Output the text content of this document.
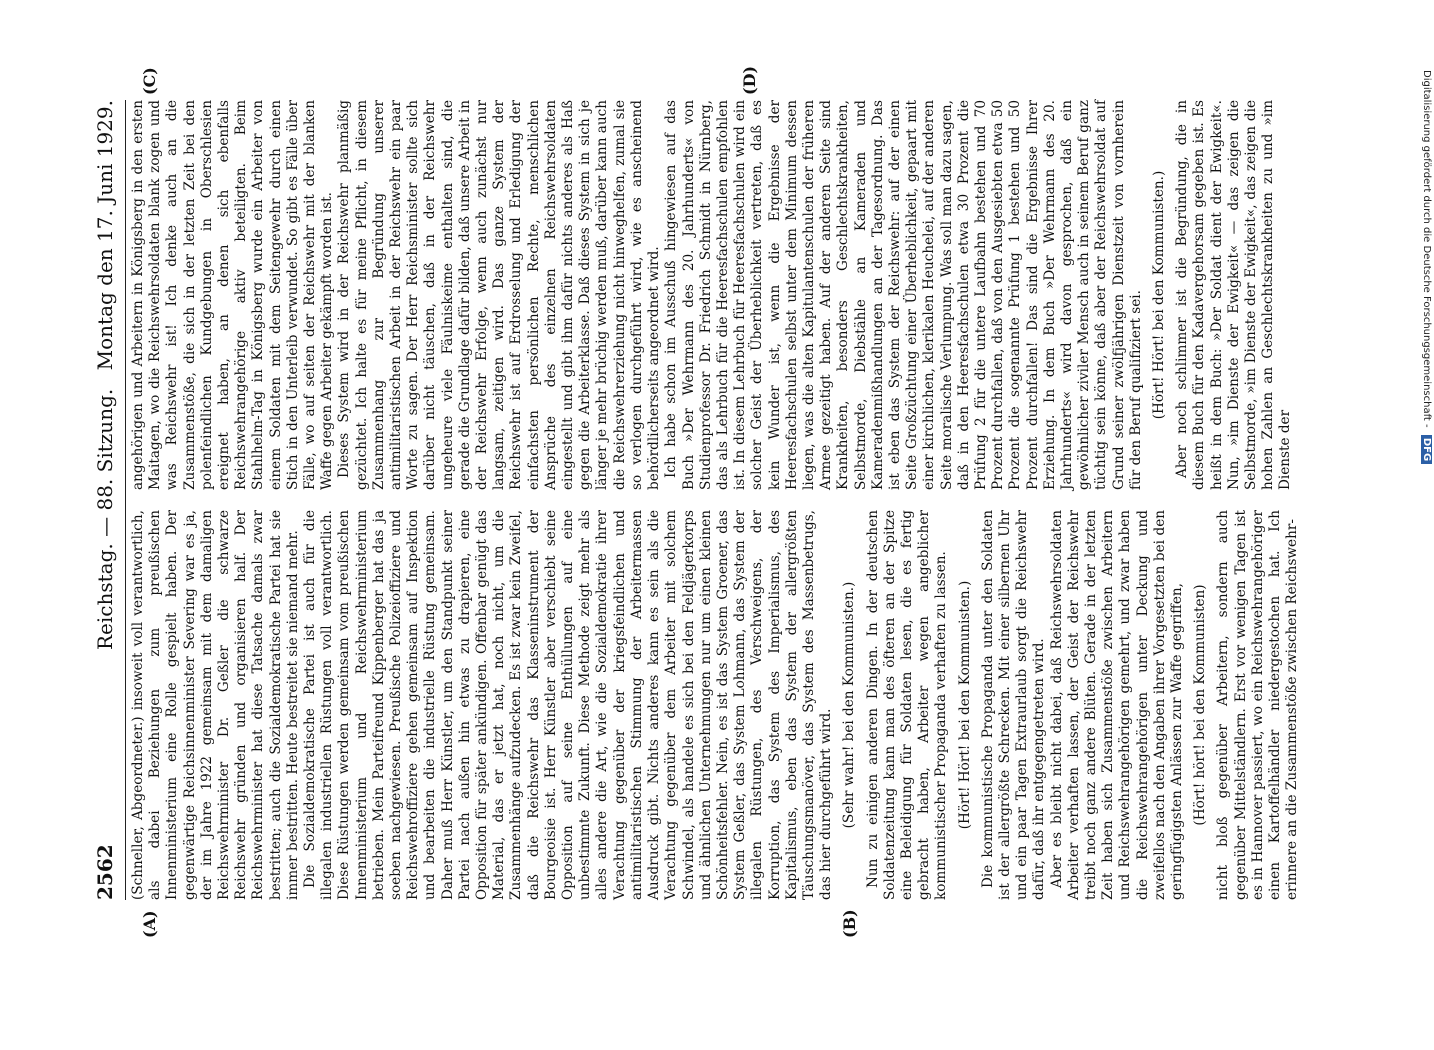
2562
Reichstag. — 88. Sitzung.
Montag den 17. Juni 1929.
(A)	(B)
(C)	(D)

(Schneller, Abgeordneter.) insoweit voll verantwortlich, als dabei Beziehungen zum preußischen Innenministerium eine Rolle gespielt haben. Der gegenwärtige Reichsinnenminister Severing war es ja, der im Jahre 1922 gemeinsam mit dem damaligen Reichswehrminister Dr. Geßler die schwarze Reichswehr gründen und organisieren half. Der Reichswehrminister hat diese Tatsache damals zwar bestritten; auch die Sozialdemokratische Partei hat sie immer bestritten. Heute bestreitet sie niemand mehr. Die Sozialdemokratische Partei ist auch für die illegalen industriellen Rüstungen voll verantwortlich. Diese Rüstungen werden gemeinsam vom preußischen Innenministerium und Reichswehrministerium betrieben. Mein Parteifreund Kippenberger hat das ja soeben nachgewiesen. Preußische Polizeioffiziere und Reichswehroffiziere gehen gemeinsam auf Inspektion und bearbeiten die industrielle Rüstung gemeinsam. Daher muß Herr Künstler, um den Standpunkt seiner Partei nach außen hin etwas zu drapieren, eine Opposition für später ankündigen. Offenbar genügt das Material, das er jetzt hat, noch nicht, um die Zusammenhänge aufzudecken. Es ist zwar kein Zweifel, daß die Reichswehr das Klasseninstrument der Bourgeoisie ist. Herr Künstler aber verschiebt seine Opposition auf seine Enthüllungen auf eine unbestimmte Zukunft. Diese Methode zeigt mehr als alles andere die Art, wie die Sozialdemokratie ihrer Verachtung gegenüber der kriegsfeindlichen und antimilitaristischen Stimmung der Arbeitermassen Ausdruck gibt. Nichts anderes kann es sein als die Verachtung gegenüber dem Arbeiter mit solchem Schwindel, als handele es sich bei den Feldjägerkorps und ähnlichen Unternehmungen nur um einen kleinen Schönheitsfehler. Nein, es ist das System Groener, das System Geßler, das System Lohmann, das System der illegalen Rüstungen, des Verschweigens, der Korruption, das System des Imperialismus, des Kapitalismus, eben das System der allergrößten Täuschungsmanöver, das System des Massenbetrugs, das hier durchgeführt wird. (Sehr wahr! bei den Kommunisten.) Nun zu einigen anderen Dingen. In der deutschen Soldatenzeitung kann man des öfteren an der Spitze eine Beleidigung für Soldaten lesen, die es fertig gebracht haben, Arbeiter wegen angeblicher kommunistischer Propaganda verhaften zu lassen. (Hört! Hört! bei den Kommunisten.) Die kommunistische Propaganda unter den Soldaten ist der allergrößte Schrecken. Mit einer silbernen Uhr und ein paar Tagen Extraurlaub sorgt die Reichswehr dafür, daß ihr entgegengetreten wird. Aber es bleibt nicht dabei, daß Reichswehrsoldaten Arbeiter verhaften lassen, der Geist der Reichswehr treibt noch ganz andere Blüten. Gerade in der letzten Zeit haben sich Zusammenstöße zwischen Arbeitern und Reichswehrangehörigen gemehrt, und zwar haben die Reichswehrangehörigen unter Deckung und zweifellos nach den Angaben ihrer Vorgesetzten bei den geringfügigsten Anlässen zur Waffe gegriffen, (Hört! hört! bei den Kommunisten) nicht bloß gegenüber Arbeitern, sondern auch gegenüber Mittelständlern. Erst vor wenigen Tagen ist es in Hannover passiert, wo ein Reichswehrangehöriger einen Kartoffelhändler niedergestochen hat. Ich erinnere an die Zusammenstöße zwischen Reichswehr-

angehörigen und Arbeitern in Königsberg in den ersten Maitagen, wo die Reichswehrsoldaten blank zogen und was Reichswehr ist! Ich denke auch an die Zusammenstöße, die sich in der letzten Zeit bei den polenfeindlichen Kundgebungen in Oberschlesien ereignet haben, an denen sich ebenfalls Reichswehrangehörige aktiv beteiligten. Beim Stahlhelm-Tag in Königsberg wurde ein Arbeiter von einem Soldaten mit dem Seitengewehr durch einen Stich in den Unterleib verwundet. So gibt es Fälle über Fälle, wo auf seiten der Reichswehr mit der blanken Waffe gegen Arbeiter gekämpft worden ist. Dieses System wird in der Reichswehr planmäßig gezüchtet. Ich halte es für meine Pflicht, in diesem Zusammenhang zur Begründung unserer antimilitaristischen Arbeit in der Reichswehr ein paar Worte zu sagen. Der Herr Reichsminister sollte sich darüber nicht täuschen, daß in der Reichswehr ungeheure viele Fäulniskeime enthalten sind, die gerade die Grundlage dafür bilden, daß unsere Arbeit in der Reichswehr Erfolge, wenn auch zunächst nur langsam, zeitigen wird. Das ganze System der Reichswehr ist auf Erdrosselung und Erledigung der einfachsten persönlichen Rechte, menschlichen Ansprüche des einzelnen Reichswehrsoldaten eingestellt und gibt ihm dafür nichts anderes als Haß gegen die Arbeiterklasse. Daß dieses System in sich je länger je mehr brüchig werden muß, darüber kann auch die Reichswehrerziehung nicht hinweghelfen, zumal sie so verlogen durchgeführt wird, wie es anscheinend behördlicherseits angeordnet wird. Ich habe schon im Ausschuß hingewiesen auf das Buch »Der Wehrmann des 20. Jahrhunderts« von Studienprofessor Dr. Friedrich Schmidt in Nürnberg, das als Lehrbuch für die Heeresfachschulen empfohlen ist. In diesem Lehrbuch für Heeresfachschulen wird ein solcher Geist der Überheblichkeit vertreten, daß es kein Wunder ist, wenn die Ergebnisse der Heeresfachschulen selbst unter dem Minimum dessen liegen, was die alten Kapitulantenschulen der früheren Armee gezeitigt haben. Auf der anderen Seite sind Krankheiten, besonders Geschlechtskrankheiten, Selbstmorde, Diebstähle an Kameraden und Kameradenmißhandlungen an der Tagesordnung. Das ist eben das System der Reichswehr: auf der einen Seite Großzüchtung einer Überheblichkeit, gepaart mit einer kirchlichen, klerikalen Heuchelei, auf der anderen Seite moralische Verlumpung. Was soll man dazu sagen, daß in den Heeresfachschulen etwa 30 Prozent die Prüfung 2 für die untere Laufbahn bestehen und 70 Prozent durchfallen, daß von den Ausgesiebten etwa 50 Prozent die sogenannte Prüfung 1 bestehen und 50 Prozent durchfallen! Das sind die Ergebnisse Ihrer Erziehung. In dem Buch »Der Wehrmann des 20. Jahrhunderts« wird davon gesprochen, daß ein gewöhnlicher ziviler Mensch auch in seinem Beruf ganz tüchtig sein könne, daß aber der Reichswehrsoldat auf Grund seiner zwölfjährigen Dienstzeit von vornherein für den Beruf qualifiziert sei. (Hört! Hört! bei den Kommunisten.) Aber noch schlimmer ist die Begründung, die in diesem Buch für den Kadavergehorsam gegeben ist. Es heißt in dem Buch: »Der Soldat dient der Ewigkeit«. Nun, »im Dienste der Ewigkeit« — das zeigen die Selbstmorde, »im Dienste der Ewigkeit«, das zeigen die hohen Zahlen an Geschlechtskrankheiten zu und »im Dienste der

Digitalisierung gefördert durch die Deutsche Forschungsgemeinschaft - DFG
